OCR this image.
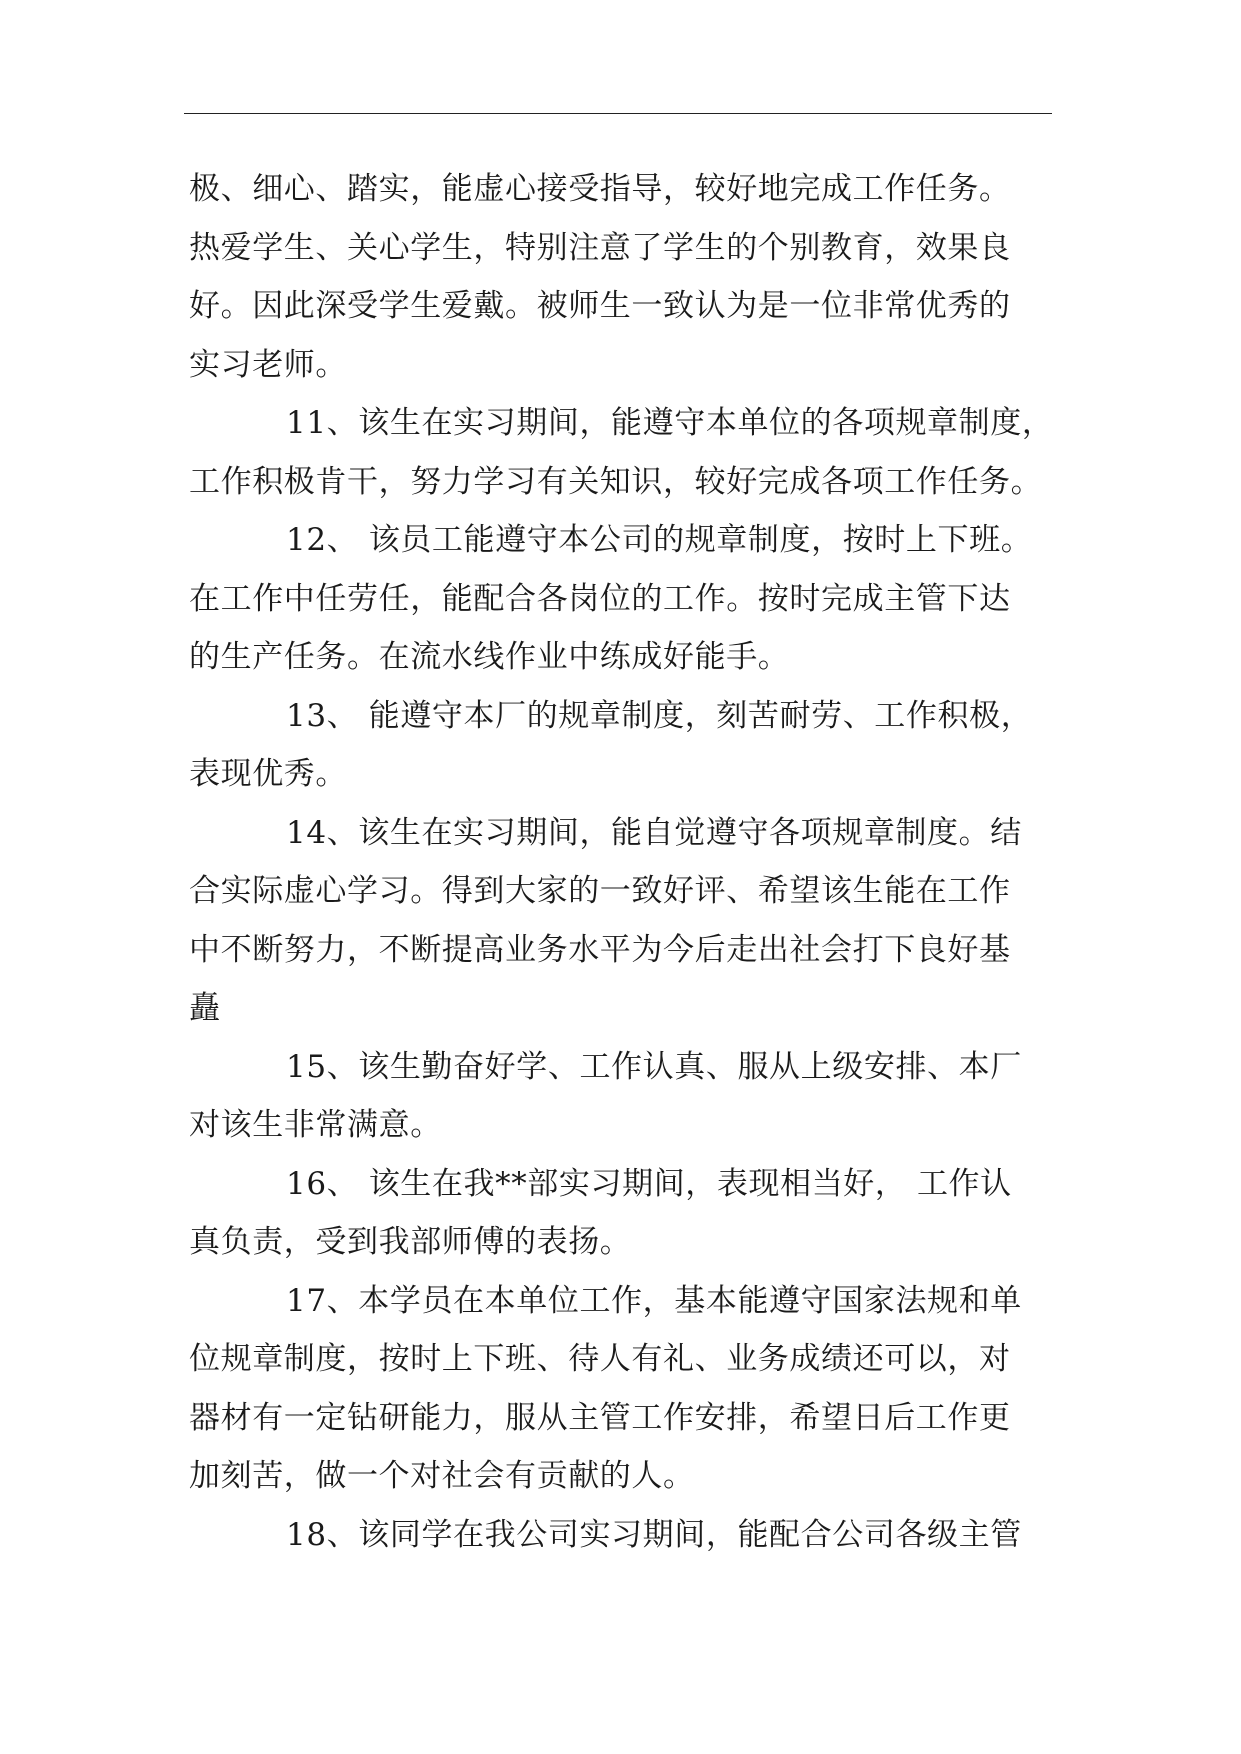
极、细心、踏实，能虚心接受指导，较好地完成工作任务。
热爱学生、关心学生，特别注意了学生的个别教育，效果良
好。因此深受学生爱戴。被师生一致认为是一位非常优秀的
实习老师。
11、该生在实习期间，能遵守本单位的各项规章制度，
工作积极肯干，努力学习有关知识，较好完成各项工作任务。
12、 该员工能遵守本公司的规章制度，按时上下班。
在工作中任劳任，能配合各岗位的工作。按时完成主管下达
的生产任务。在流水线作业中练成好能手。
13、 能遵守本厂的规章制度，刻苦耐劳、工作积极，
表现优秀。
14、该生在实习期间，能自觉遵守各项规章制度。结
合实际虚心学习。得到大家的一致好评、希望该生能在工作
中不断努力，不断提高业务水平为今后走出社会打下良好基
矗
15、该生勤奋好学、工作认真、服从上级安排、本厂
对该生非常满意。
16、 该生在我**部实习期间，表现相当好， 工作认
真负责，受到我部师傅的表扬。
17、本学员在本单位工作，基本能遵守国家法规和单
位规章制度，按时上下班、待人有礼、业务成绩还可以，对
器材有一定钻研能力，服从主管工作安排，希望日后工作更
加刻苦，做一个对社会有贡献的人。
18、该同学在我公司实习期间，能配合公司各级主管
